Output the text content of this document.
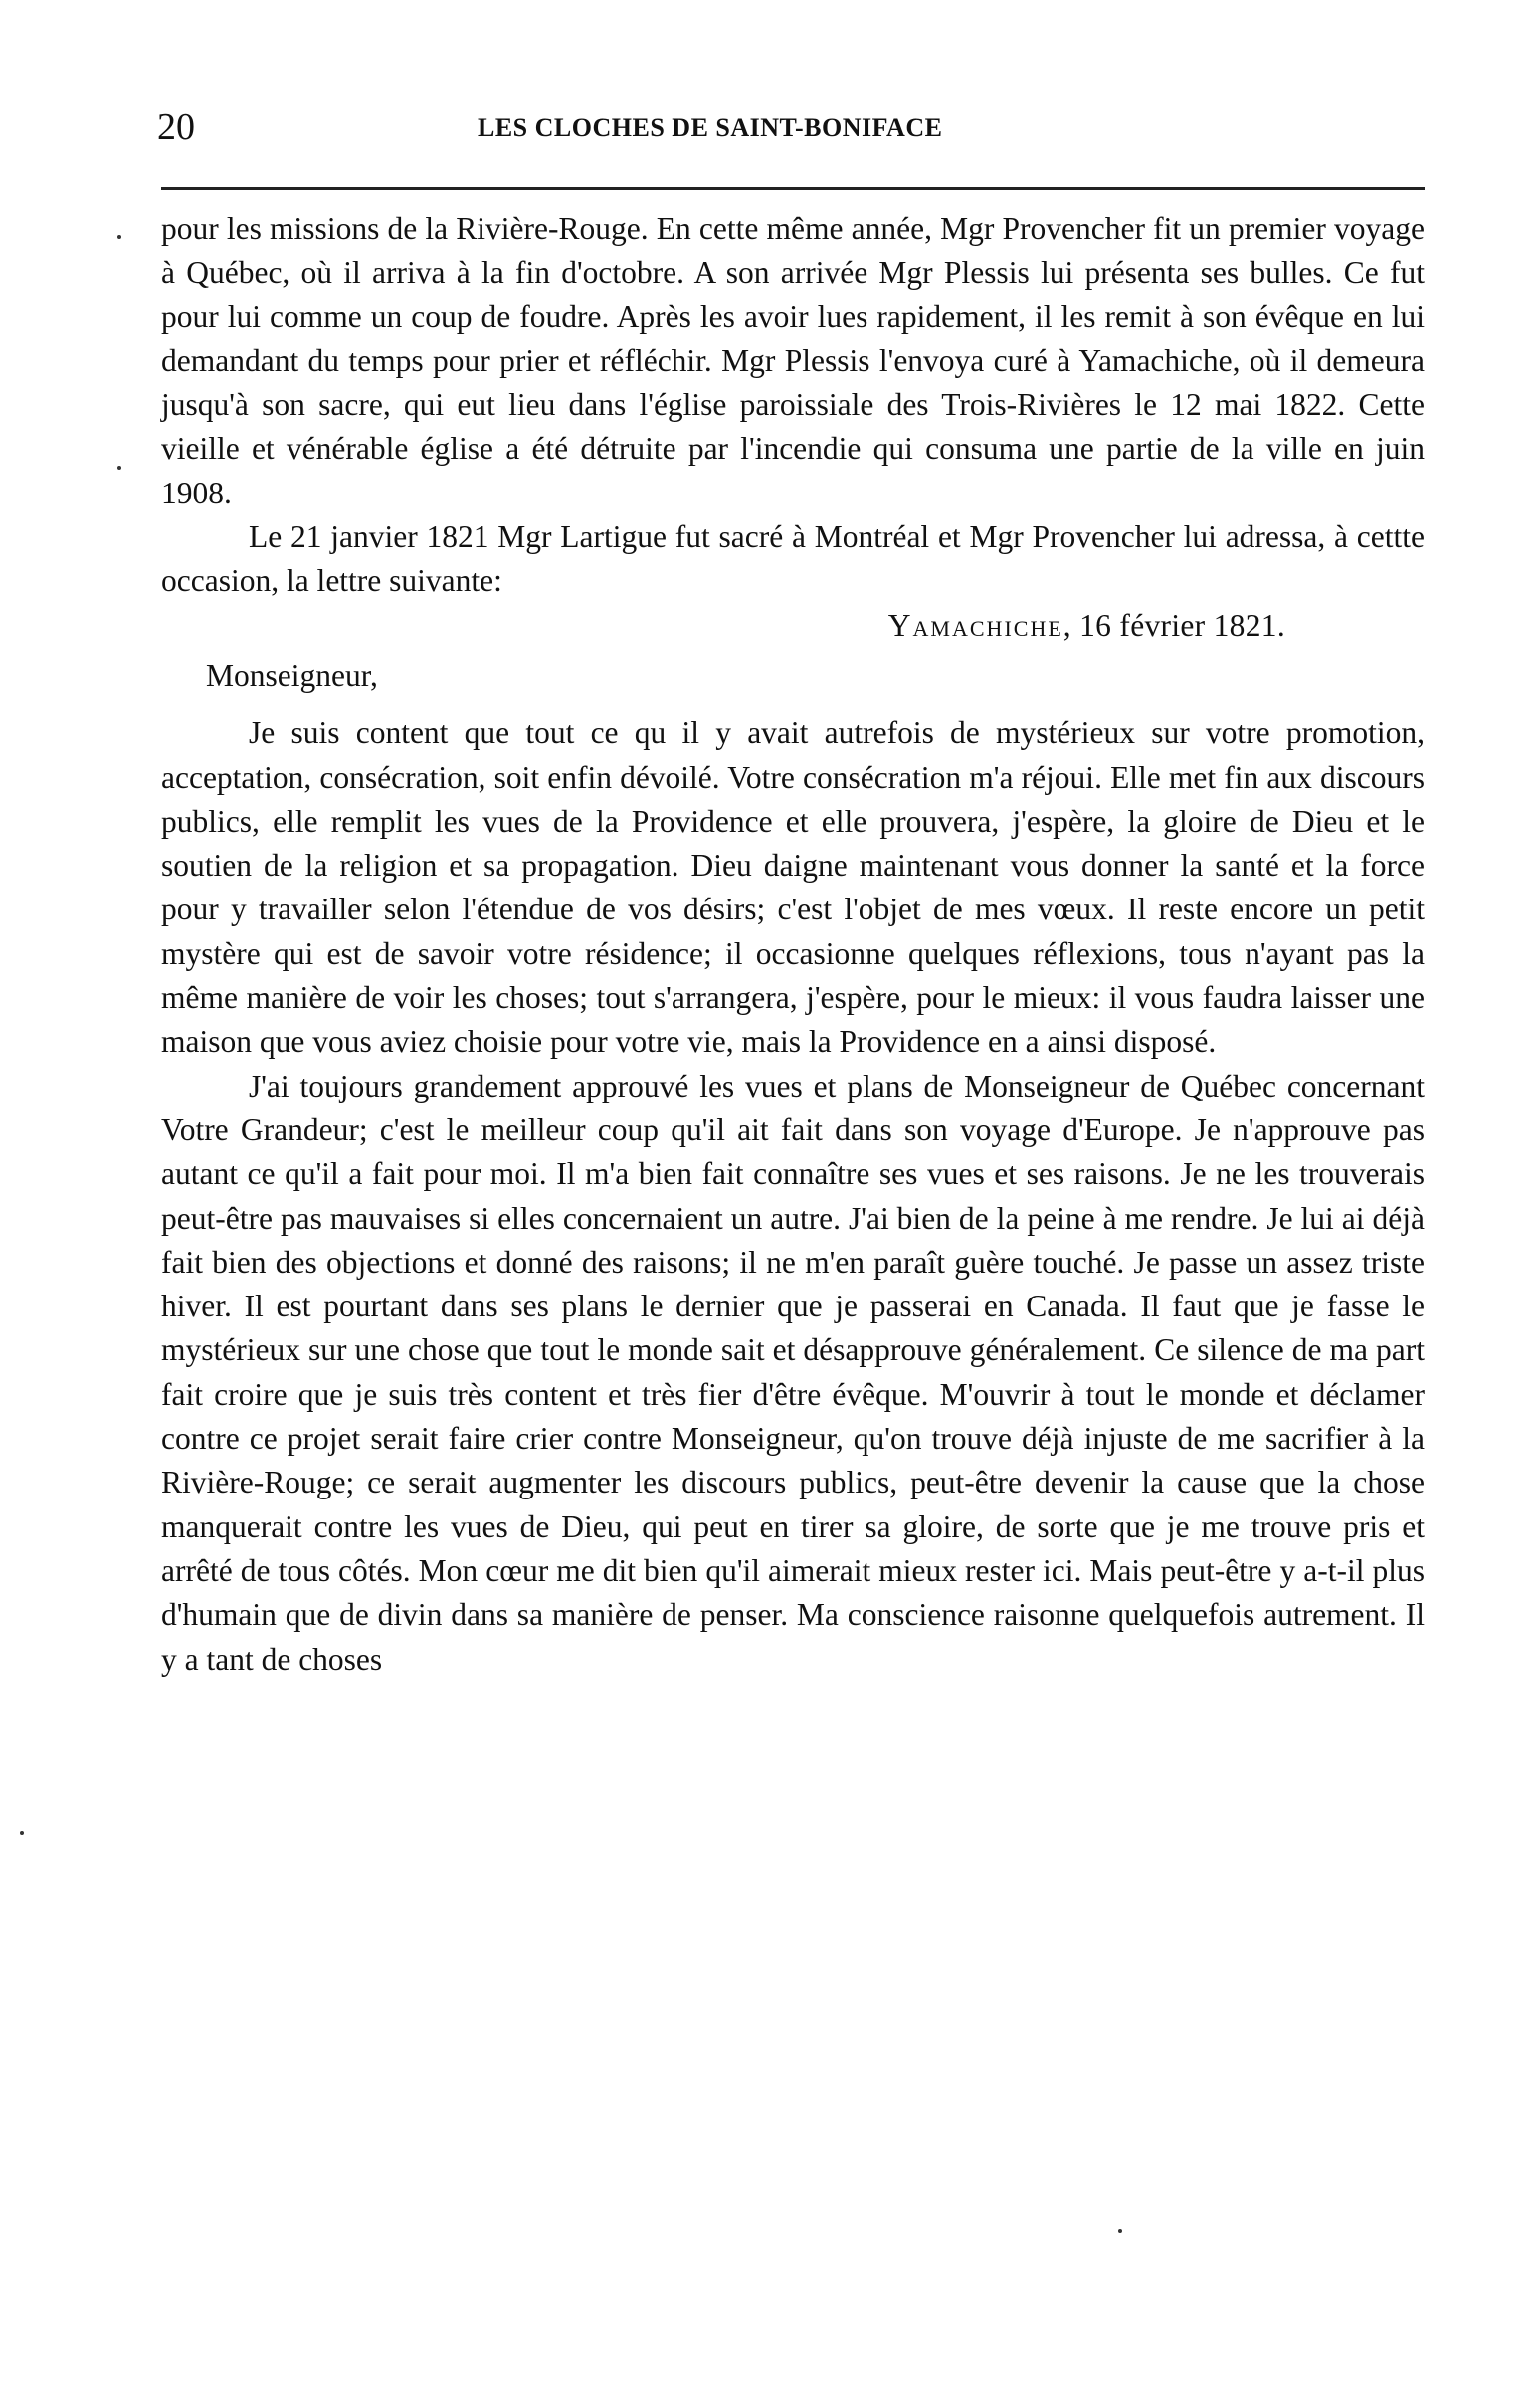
20	LES CLOCHES DE SAINT-BONIFACE

pour les missions de la Rivière-Rouge. En cette même année, Mgr Provencher fit un premier voyage à Québec, où il arriva à la fin d'octobre. A son arrivée Mgr Plessis lui présenta ses bulles. Ce fut pour lui comme un coup de foudre. Après les avoir lues rapidement, il les remit à son évêque en lui demandant du temps pour prier et réfléchir. Mgr Plessis l'envoya curé à Yamachiche, où il demeura jusqu'à son sacre, qui eut lieu dans l'église paroissiale des Trois-Rivières le 12 mai 1822. Cette vieille et vénérable église a été détruite par l'incendie qui consuma une partie de la ville en juin 1908.

Le 21 janvier 1821 Mgr Lartigue fut sacré à Montréal et Mgr Provencher lui adressa, à cettte occasion, la lettre suivante:

Yamachiche, 16 février 1821.

Monseigneur,

Je suis content que tout ce qu il y avait autrefois de mystérieux sur votre promotion, acceptation, consécration, soit enfin dévoilé. Votre consécration m'a réjoui. Elle met fin aux discours publics, elle remplit les vues de la Providence et elle prouvera, j'espère, la gloire de Dieu et le soutien de la religion et sa propagation. Dieu daigne maintenant vous donner la santé et la force pour y travailler selon l'étendue de vos désirs; c'est l'objet de mes vœux. Il reste encore un petit mystère qui est de savoir votre résidence; il occasionne quelques réflexions, tous n'ayant pas la même manière de voir les choses; tout s'arrangera, j'espère, pour le mieux: il vous faudra laisser une maison que vous aviez choisie pour votre vie, mais la Providence en a ainsi disposé.

J'ai toujours grandement approuvé les vues et plans de Monseigneur de Québec concernant Votre Grandeur; c'est le meilleur coup qu'il ait fait dans son voyage d'Europe. Je n'approuve pas autant ce qu'il a fait pour moi. Il m'a bien fait connaître ses vues et ses raisons. Je ne les trouverais peut-être pas mauvaises si elles concernaient un autre. J'ai bien de la peine à me rendre. Je lui ai déjà fait bien des objections et donné des raisons; il ne m'en paraît guère touché. Je passe un assez triste hiver. Il est pourtant dans ses plans le dernier que je passerai en Canada. Il faut que je fasse le mystérieux sur une chose que tout le monde sait et désapprouve généralement. Ce silence de ma part fait croire que je suis très content et très fier d'être évêque. M'ouvrir à tout le monde et déclamer contre ce projet serait faire crier contre Monseigneur, qu'on trouve déjà injuste de me sacrifier à la Rivière-Rouge; ce serait augmenter les discours publics, peut-être devenir la cause que la chose manquerait contre les vues de Dieu, qui peut en tirer sa gloire, de sorte que je me trouve pris et arrêté de tous côtés. Mon cœur me dit bien qu'il aimerait mieux rester ici. Mais peut-être y a-t-il plus d'humain que de divin dans sa manière de penser. Ma conscience raisonne quelquefois autrement. Il y a tant de choses
